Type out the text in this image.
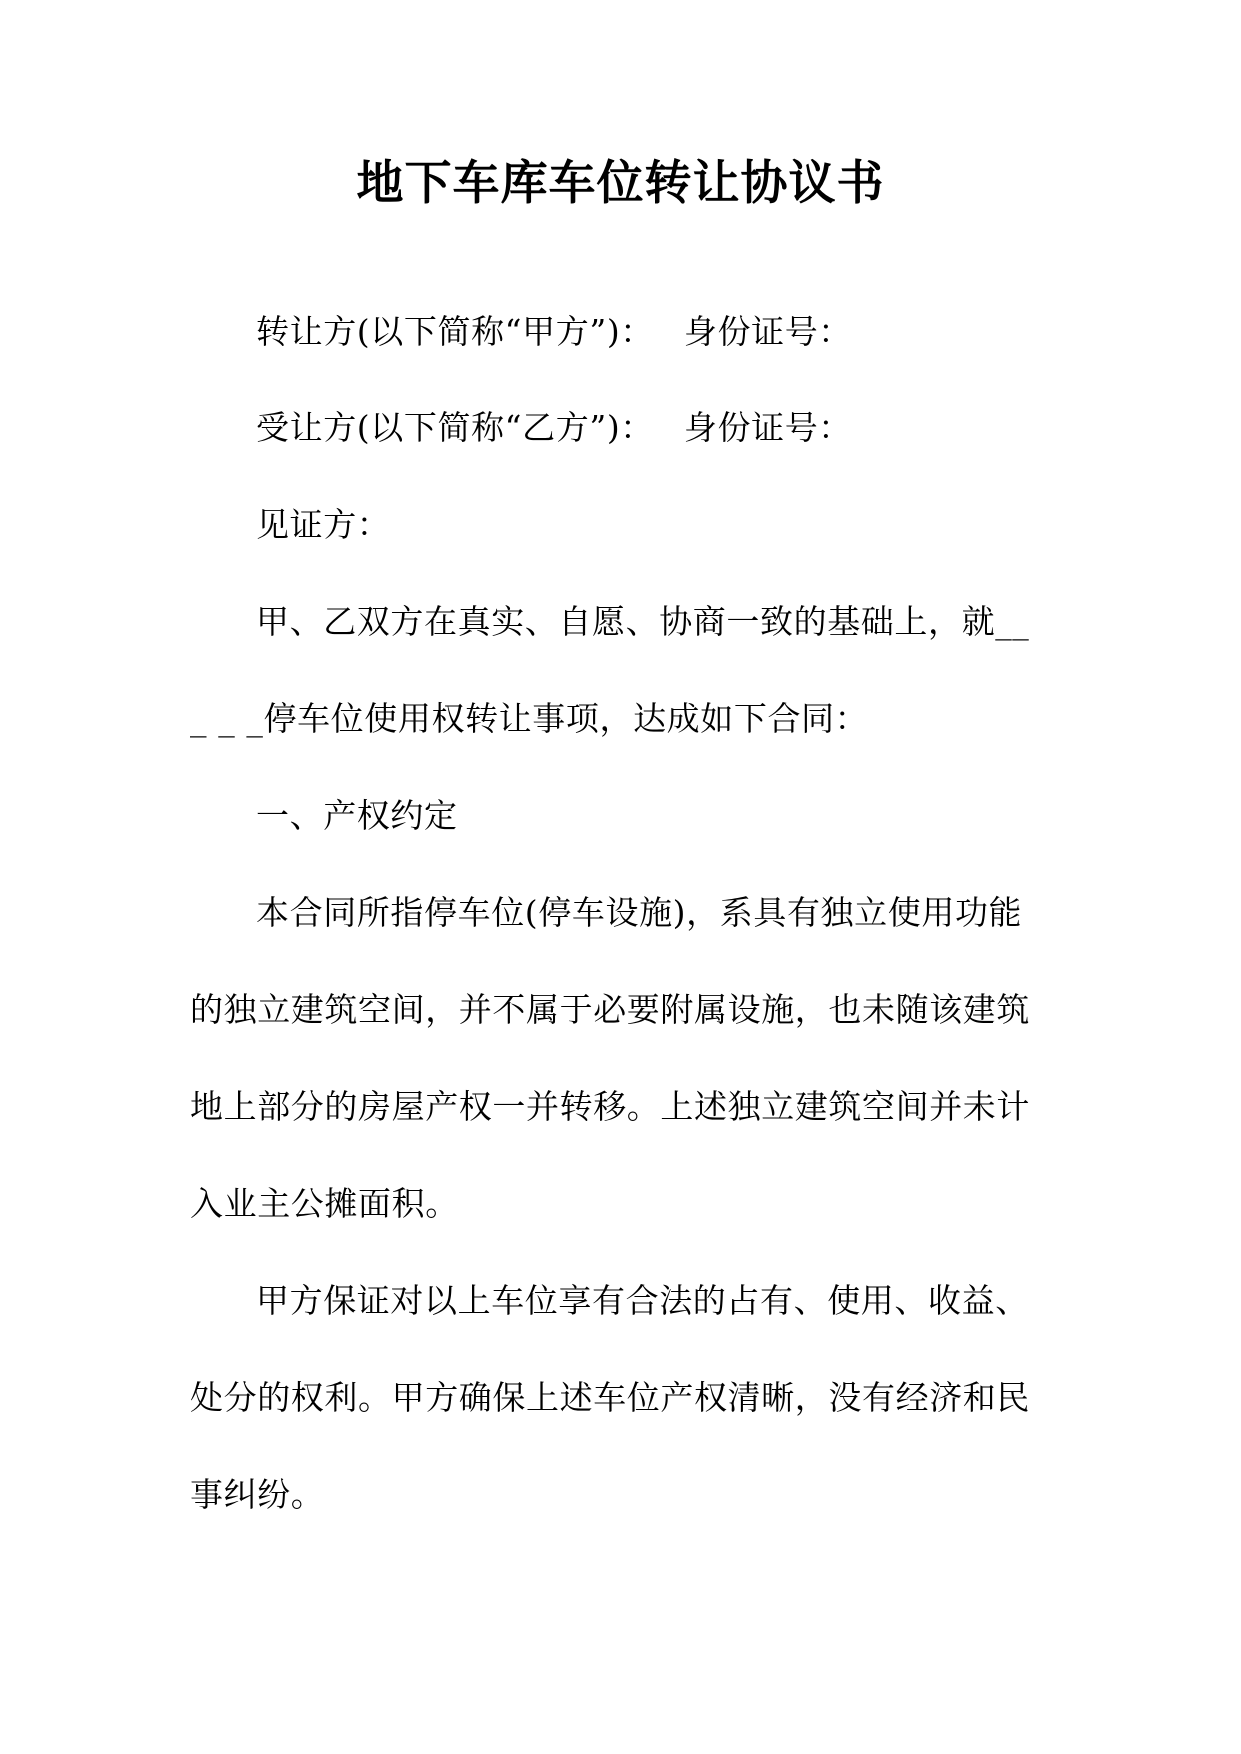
地下车库车位转让协议书
转让方(以下简称“甲方”)： 身份证号：
受让方(以下简称“乙方”)： 身份证号：
见证方：
甲、乙双方在真实、自愿、协商一致的基础上，就__
_ _ _停车位使用权转让事项，达成如下合同：
一、产权约定
本合同所指停车位(停车设施)，系具有独立使用功能
的独立建筑空间，并不属于必要附属设施，也未随该建筑
地上部分的房屋产权一并转移。上述独立建筑空间并未计
入业主公摊面积。
甲方保证对以上车位享有合法的占有、使用、收益、
处分的权利。甲方确保上述车位产权清晰，没有经济和民
事纠纷。
